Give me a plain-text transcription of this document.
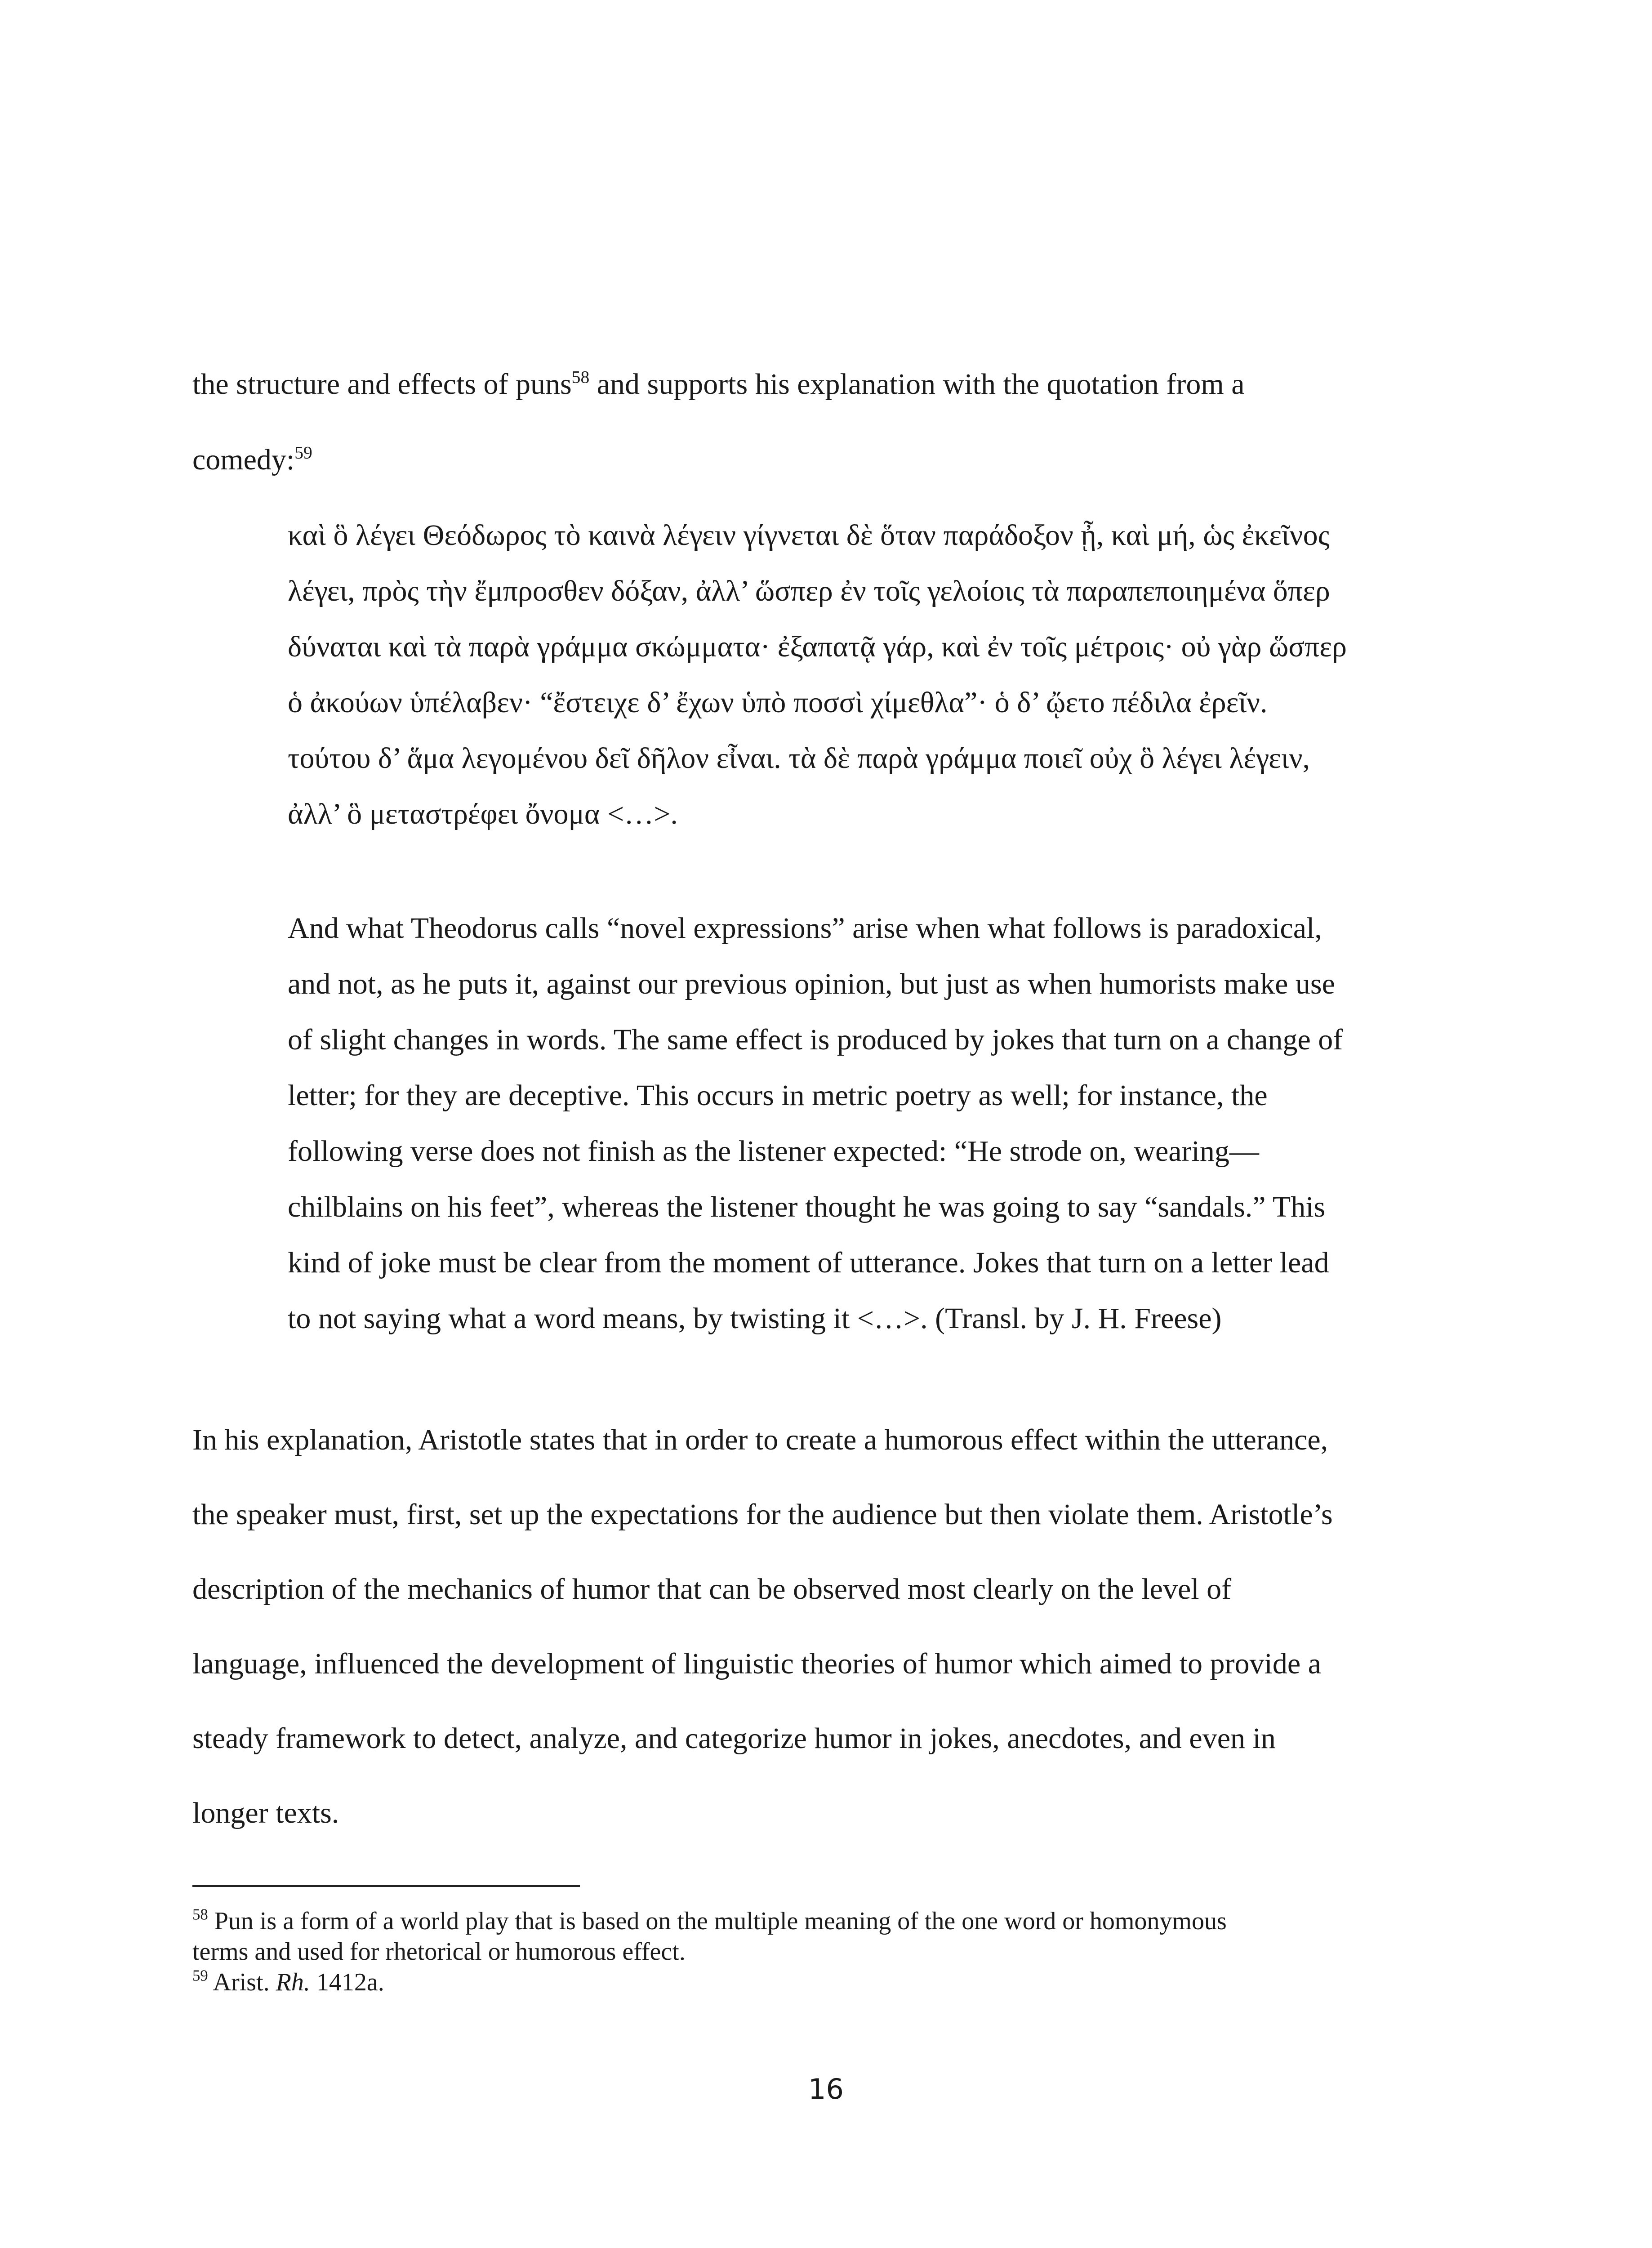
the structure and effects of puns$^{58}$ and supports his explanation with the quotation from a
comedy:$^{59}$
καὶ ὃ λέγει Θεόδωρος τὸ καινὰ λέγειν γίγνεται δὲ ὅταν παράδοξον ᾖ, καὶ μή, ὡς ἐκεῖνος
λέγει, πρὸς τὴν ἔμπροσθεν δόξαν, ἀλλ’ ὥσπερ ἐν τοῖς γελοίοις τὰ παραπεποιημένα ὅπερ
δύναται καὶ τὰ παρὰ γράμμα σκώμματα· ἐξαπατᾷ γάρ, καὶ ἐν τοῖς μέτροις· οὐ γὰρ ὥσπερ
ὁ ἀκούων ὑπέλαβεν· “ἔστειχε δ’ ἔχων ὑπὸ ποσσὶ χίμεθλα”· ὁ δ’ ᾤετο πέδιλα ἐρεῖν.
τούτου δ’ ἅμα λεγομένου δεῖ δῆλον εἶναι. τὰ δὲ παρὰ γράμμα ποιεῖ οὐχ ὃ λέγει λέγειν,
ἀλλ’ ὃ μεταστρέφει ὄνομα <…>.
And what Theodorus calls “novel expressions” arise when what follows is paradoxical,
and not, as he puts it, against our previous opinion, but just as when humorists make use
of slight changes in words. The same effect is produced by jokes that turn on a change of
letter; for they are deceptive. This occurs in metric poetry as well; for instance, the
following verse does not finish as the listener expected: “He strode on, wearing—
chilblains on his feet”, whereas the listener thought he was going to say “sandals.” This
kind of joke must be clear from the moment of utterance. Jokes that turn on a letter lead
to not saying what a word means, by twisting it <…>. (Transl. by J. H. Freese)
In his explanation, Aristotle states that in order to create a humorous effect within the utterance,
the speaker must, first, set up the expectations for the audience but then violate them. Aristotle’s
description of the mechanics of humor that can be observed most clearly on the level of
language, influenced the development of linguistic theories of humor which aimed to provide a
steady framework to detect, analyze, and categorize humor in jokes, anecdotes, and even in
longer texts.
$^{58}$ Pun is a form of a world play that is based on the multiple meaning of the one word or homonymous
terms and used for rhetorical or humorous effect.
$^{59}$ Arist. Rh. 1412a.
16
